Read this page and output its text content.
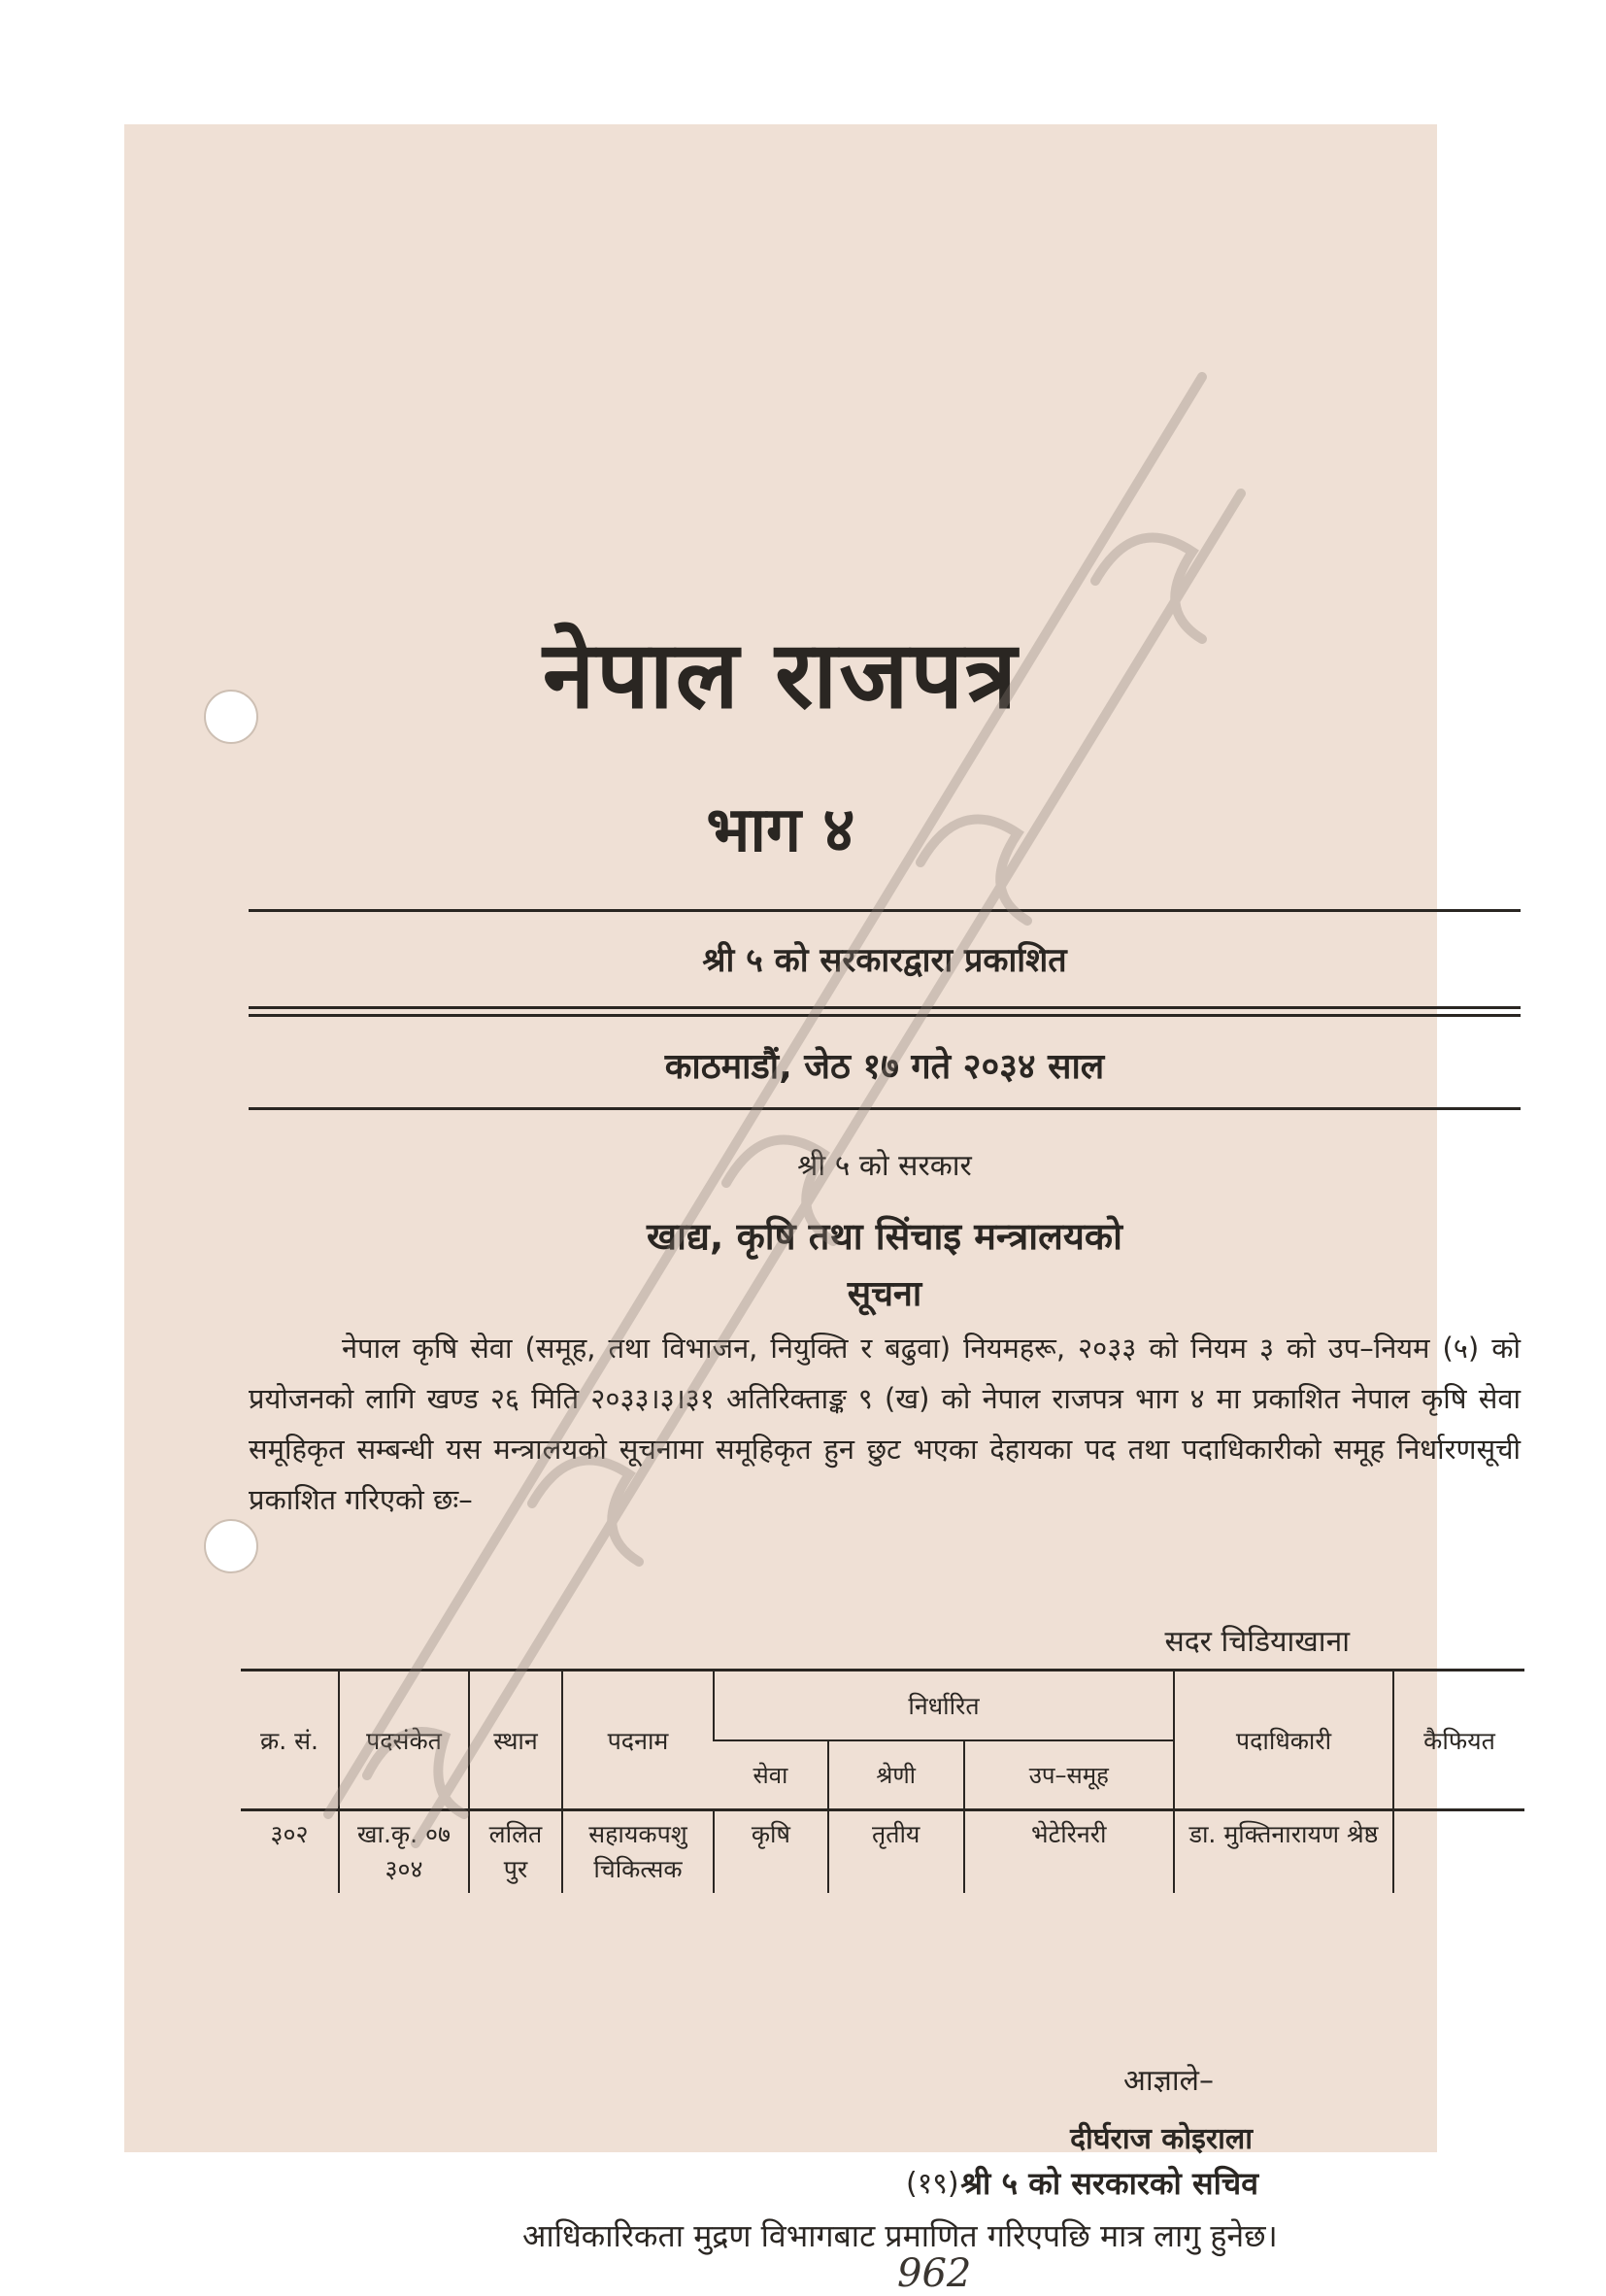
नेपाल राजपत्र
भाग ४
श्री ५ को सरकारद्वारा प्रकाशित
काठमाडौं, जेठ १७ गते २०३४ साल
श्री ५ को सरकार
खाद्य, कृषि तथा सिंचाइ मन्त्रालयको
सूचना
नेपाल कृषि सेवा (समूह, तथा विभाजन, नियुक्ति र बढुवा) नियमहरू, २०३३ को नियम ३ को उप–नियम (५) को प्रयोजनको लागि खण्ड २६ मिति २०३३।३।३१ अतिरिक्ताङ्क ९ (ख) को नेपाल राजपत्र भाग ४ मा प्रकाशित नेपाल कृषि सेवा समूहिकृत सम्बन्धी यस मन्त्रालयको सूचनामा समूहिकृत हुन छुट भएका देहायका पद तथा पदाधिकारीको समूह निर्धारणसूची प्रकाशित गरिएको छः–
सदर चिडियाखाना
क्र. सं.	पदसंकेत	स्थान	पदनाम	निर्धारित			पदाधिकारी	कैफियत
				सेवा	श्रेणी	उप–समूह		
३०२	खा.कृ. ०७ ३०४	ललित पुर	सहायकपशु चिकित्सक	कृषि	तृतीय	भेटेरिनरी	डा. मुक्तिनारायण श्रेष्ठ	
आज्ञाले–
दीर्घराज कोइराला
(१९) श्री ५ को सरकारको सचिव
आधिकारिकता मुद्रण विभागबाट प्रमाणित गरिएपछि मात्र लागु हुनेछ।
962
